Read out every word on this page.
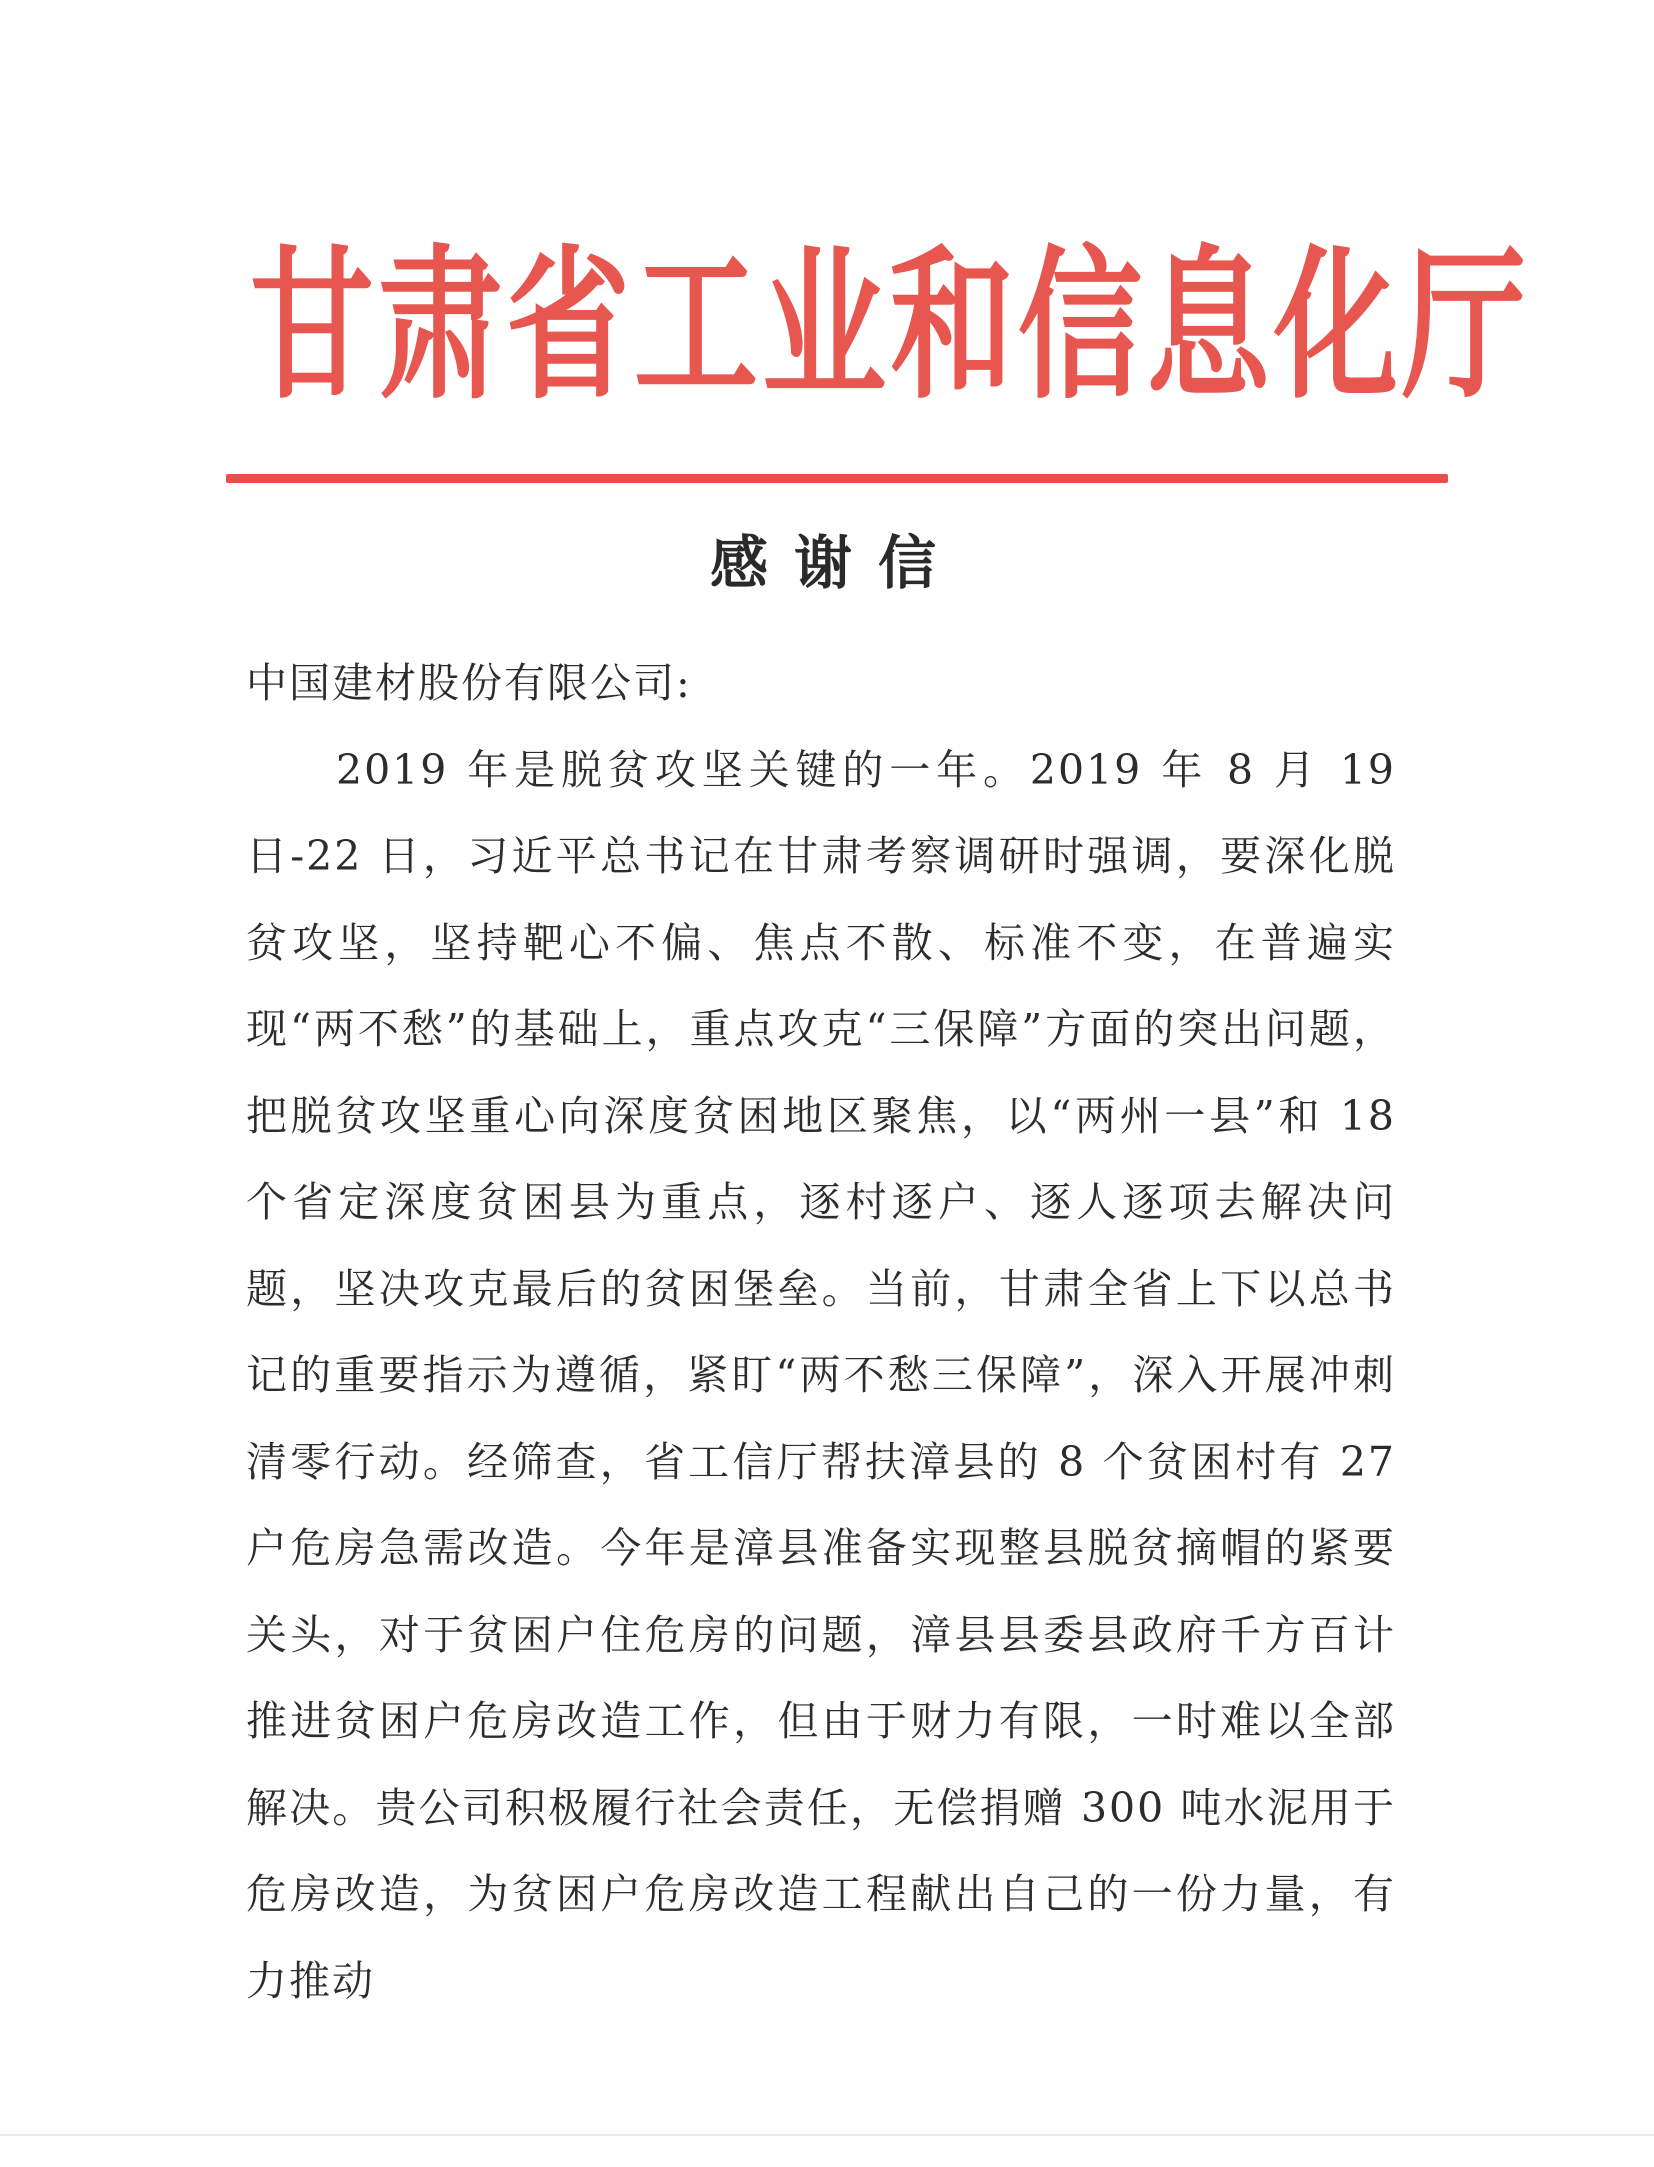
甘肃省工业和信息化厅
感谢信

中国建材股份有限公司:

2019 年是脱贫攻坚关键的一年。2019 年 8 月 19 日-22 日，习近平总书记在甘肃考察调研时强调，要深化脱贫攻坚，坚持靶心不偏、焦点不散、标准不变，在普遍实现“两不愁”的基础上，重点攻克“三保障”方面的突出问题，把脱贫攻坚重心向深度贫困地区聚焦，以“两州一县”和 18 个省定深度贫困县为重点，逐村逐户、逐人逐项去解决问题，坚决攻克最后的贫困堡垒。当前，甘肃全省上下以总书记的重要指示为遵循，紧盯“两不愁三保障”，深入开展冲刺清零行动。经筛查，省工信厅帮扶漳县的 8 个贫困村有 27 户危房急需改造。今年是漳县准备实现整县脱贫摘帽的紧要关头，对于贫困户住危房的问题，漳县县委县政府千方百计推进贫困户危房改造工作，但由于财力有限，一时难以全部解决。贵公司积极履行社会责任，无偿捐赠 300 吨水泥用于危房改造，为贫困户危房改造工程献出自己的一份力量，有力推动
